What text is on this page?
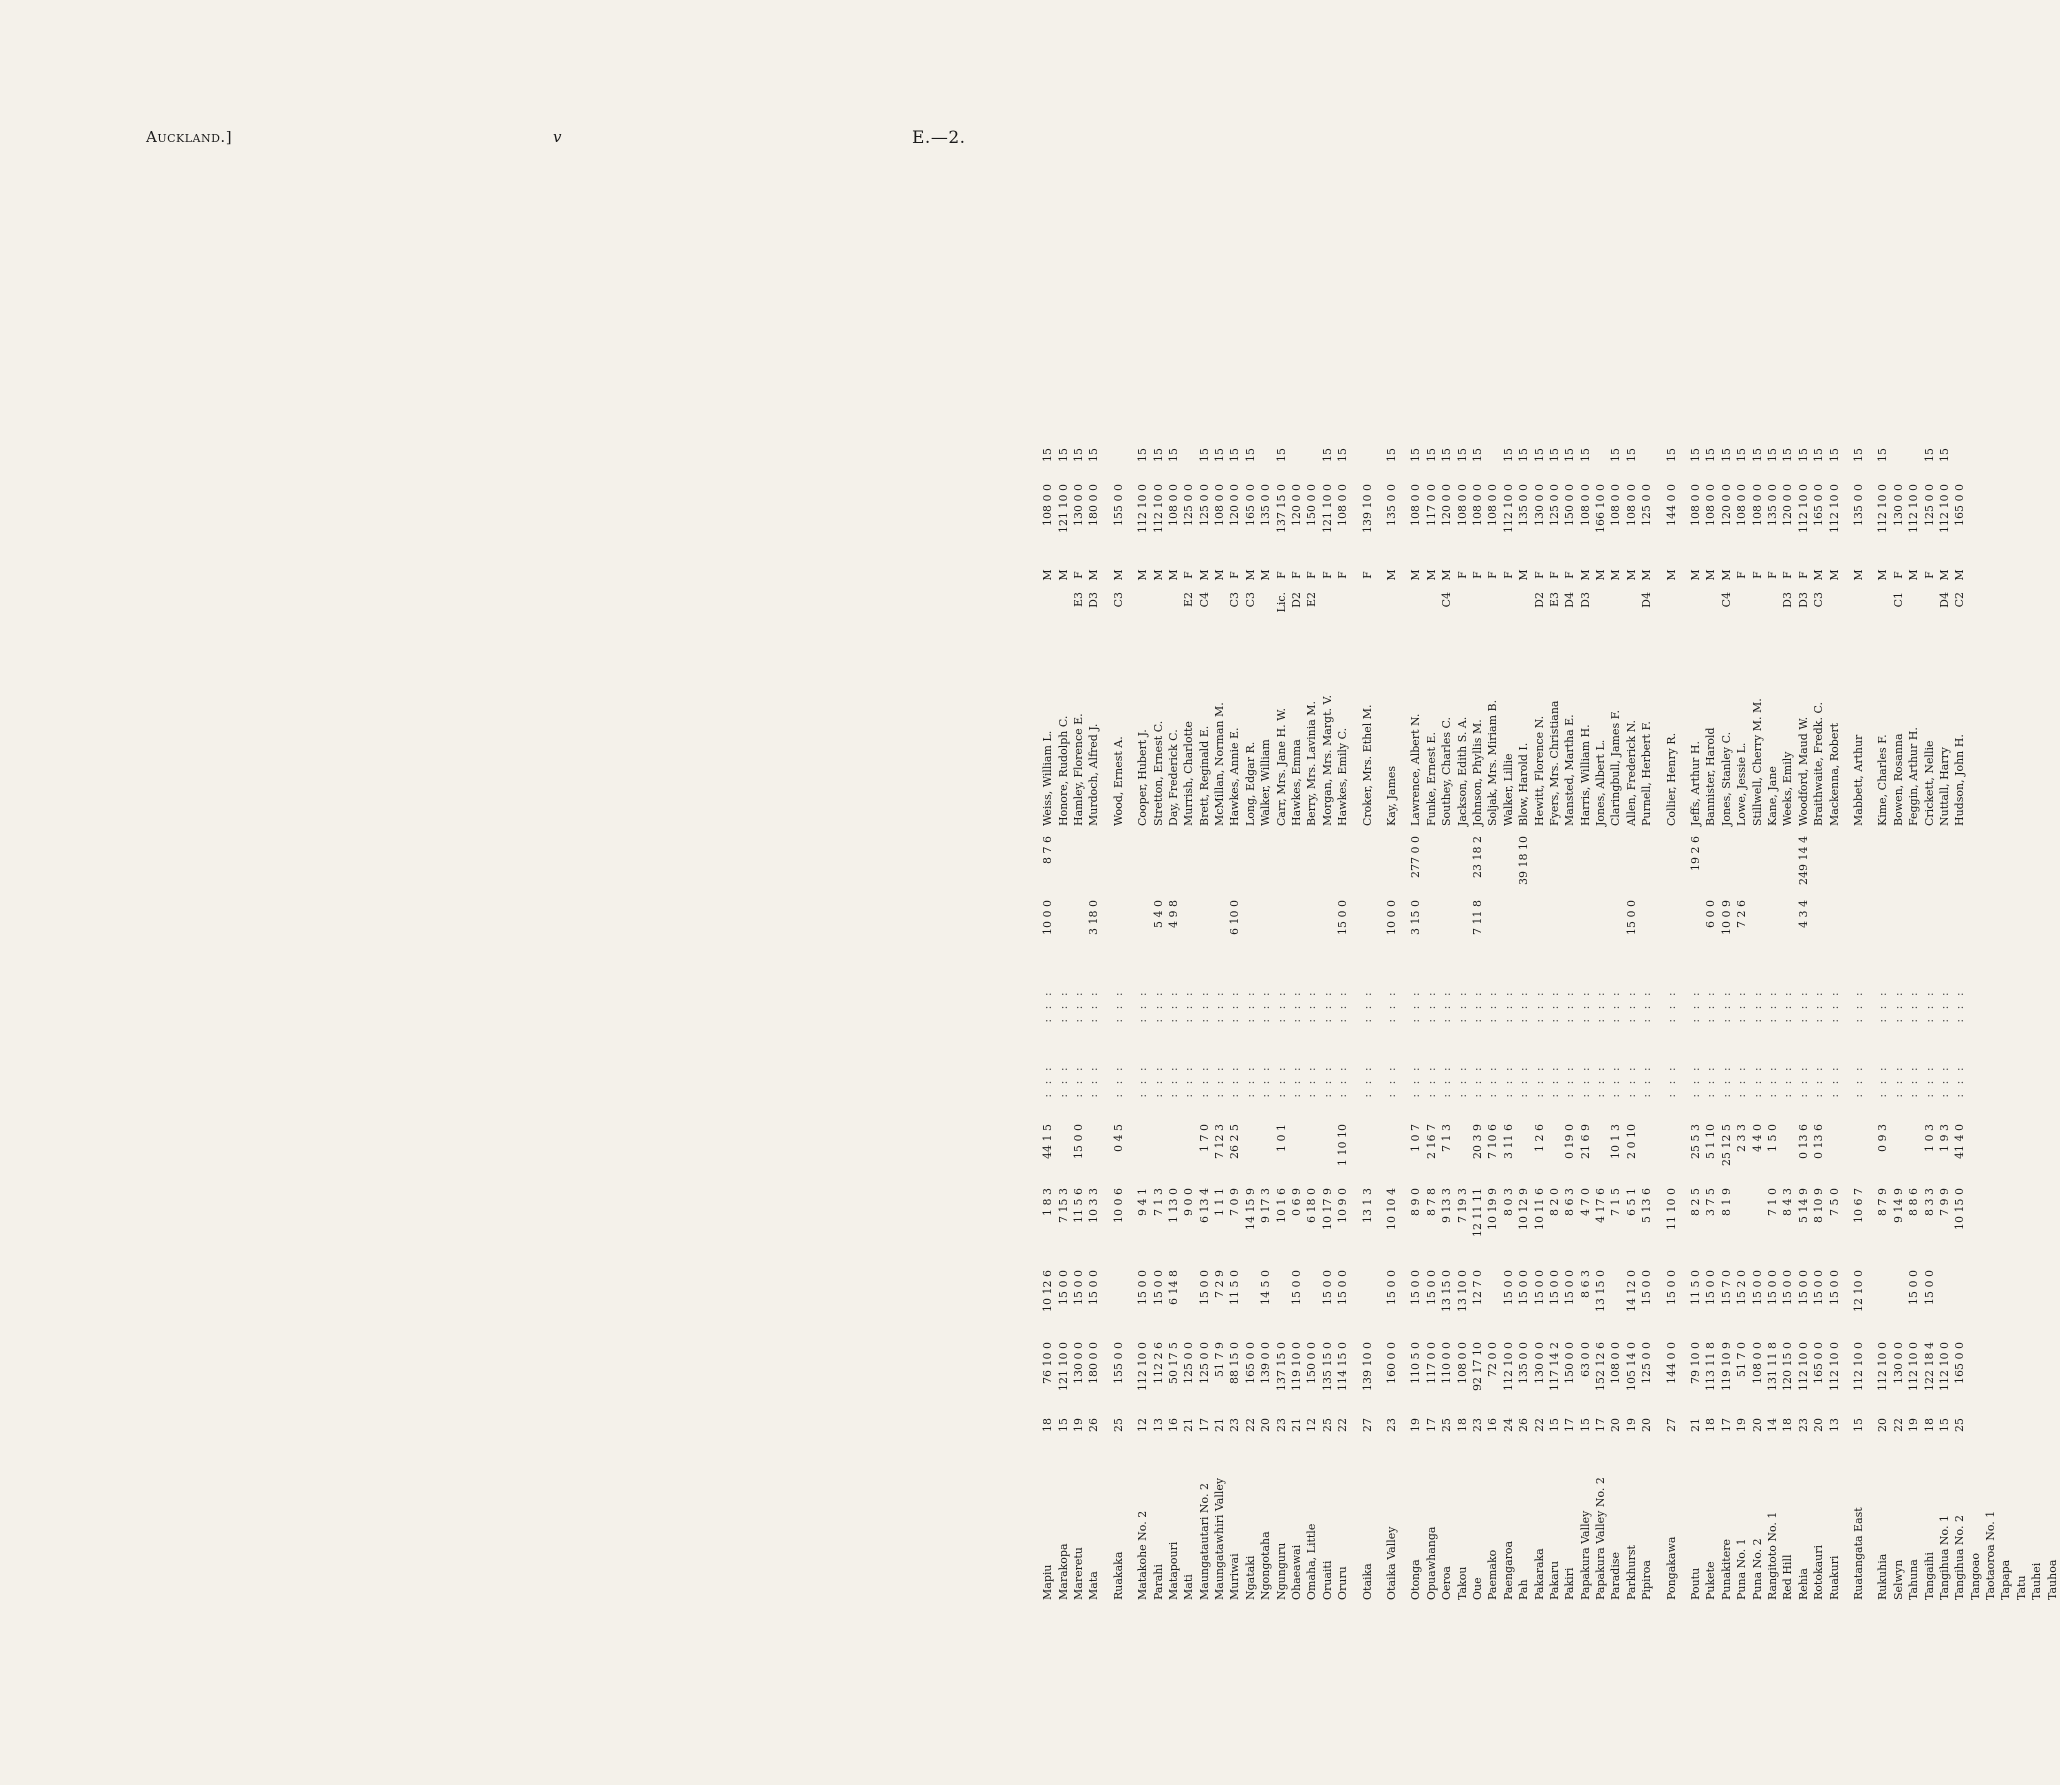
Auckland.]	v	E.—2.
Mapiu
18
76 10 0
10 12 6
1 8 3
44 1 5
: : :
: : :
10 0 0
8 7 6
Weiss, William L.
M
108 0 0
15
Marakopa
15
121 10 0
15 0 0
7 15 3
: : :
: : :
Honore, Rudolph C.
M
121 10 0
15
Mareretu
19
130 0 0
15 0 0
11 5 6
15 0 0
: : :
: : :
Hamley, Florence E.
E3
F
130 0 0
15
Mata
26
180 0 0
15 0 0
10 3 3
: : :
: : :
3 18 0
Murdoch, Alfred J.
D3
M
180 0 0
15
Ruakaka
25
155 0 0
10 0 6
0 4 5
: : :
: : :
Wood, Ernest A.
C3
M
155 0 0
Matakohe No. 2
12
112 10 0
15 0 0
9 4 1
: : :
: : :
Cooper, Hubert J.
M
112 10 0
15
Parahi
13
112 2 6
15 0 0
7 1 3
: : :
: : :
5 4 0
Stretton, Ernest C.
M
112 10 0
15
Matapouri
16
50 17 5
6 14 8
1 13 0
: : :
: : :
4 9 8
Day, Frederick C.
M
108 0 0
15
Mati
21
125 0 0
9 0 0
: : :
: : :
Murrish, Charlotte
E2
F
125 0 0
Maungatautari No. 2
17
125 0 0
15 0 0
6 13 4
1 7 0
: : :
: : :
Brett, Reginald E.
C4
M
125 0 0
15
Maungatawhiri Valley
21
51 7 9
7 2 9
1 1 1
7 12 3
: : :
: : :
McMillan, Norman M.
M
108 0 0
15
Muriwai
23
88 15 0
11 5 0
7 0 9
26 2 5
: : :
: : :
6 10 0
Hawkes, Annie E.
C3
F
120 0 0
15
Ngataki
22
165 0 0
14 15 9
: : :
: : :
Long, Edgar R.
C3
M
165 0 0
15
Ngongotaha
20
139 0 0
14 5 0
9 17 3
: : :
: : :
Walker, William
M
135 0 0
Ngunguru
23
137 15 0
10 1 6
1 0 1
: : :
: : :
Carr, Mrs. Jane H. W.
Lic.
F
137 15 0
15
Ohaeawai
21
119 10 0
15 0 0
0 6 9
: : :
: : :
Hawkes, Emma
D2
F
120 0 0
Omaha, Little
12
150 0 0
6 18 0
: : :
: : :
Berry, Mrs. Lavinia M.
E2
F
150 0 0
Oruaiti
25
135 15 0
15 0 0
10 17 9
: : :
: : :
Morgan, Mrs. Margt. V.
F
121 10 0
15
Oruru
22
114 15 0
15 0 0
10 9 0
1 10 10
: : :
: : :
15 0 0
Hawkes, Emily C.
F
108 0 0
15
Otaika
27
139 10 0
13 1 3
: : :
: : :
Croker, Mrs. Ethel M.
F
139 10 0
Otaika Valley
23
160 0 0
15 0 0
10 10 4
: : :
: : :
10 0 0
Kay, James
M
135 0 0
15
Otonga
19
110 5 0
15 0 0
8 9 0
1 0 7
: : :
: : :
3 15 0
277 0 0
Lawrence, Albert N.
M
108 0 0
15
Opuawhanga
17
117 0 0
15 0 0
8 7 8
2 16 7
: : :
: : :
Funke, Ernest E.
M
117 0 0
15
Oeroa
25
110 0 0
13 15 0
9 13 3
7 1 3
: : :
: : :
Southey, Charles C.
C4
M
120 0 0
15
Takou
18
108 0 0
13 10 0
7 19 3
: : :
: : :
Jackson, Edith S. A.
F
108 0 0
15
Oue
23
92 17 10
12 7 0
12 11 11
20 3 9
: : :
: : :
7 11 8
23 18 2
Johnson, Phyllis M.
F
108 0 0
15
Paemako
16
72 0 0
10 19 9
7 10 6
: : :
: : :
Soljak, Mrs. Miriam B.
F
108 0 0
Paengaroa
24
112 10 0
15 0 0
8 0 3
3 11 6
: : :
: : :
Walker, Lillie
F
112 10 0
15
Pah
26
135 0 0
15 0 0
10 12 9
: : :
: : :
39 18 10
Blow, Harold I.
M
135 0 0
15
Pakaraka
22
130 0 0
15 0 0
10 11 6
1 2 6
: : :
: : :
Hewitt, Florence N.
D2
F
130 0 0
15
Pakaru
15
117 14 2
15 0 0
8 2 0
: : :
: : :
Fyers, Mrs. Christiana
E3
F
125 0 0
15
Pakiri
17
150 0 0
15 0 0
8 6 3
0 19 0
: : :
: : :
Mansted, Martha E.
D4
F
150 0 0
15
Papakura Valley
15
63 0 0
8 6 3
4 7 0
21 6 9
: : :
: : :
Harris, William H.
D3
M
108 0 0
15
Papakura Valley No. 2
17
152 12 6
13 15 0
4 17 6
: : :
: : :
Jones, Albert L.
M
166 10 0
Paradise
20
108 0 0
7 1 5
10 1 3
: : :
: : :
Claringbull, James F.
M
108 0 0
15
Parkhurst
19
105 14 0
14 12 0
6 5 1
2 0 10
: : :
: : :
15 0 0
Allen, Frederick N.
M
108 0 0
15
Pipiroa
20
125 0 0
15 0 0
5 13 6
: : :
: : :
Purnell, Herbert F.
D4
M
125 0 0
Pongakawa
27
144 0 0
15 0 0
11 10 0
: : :
: : :
Collier, Henry R.
M
144 0 0
15
Poutu
21
79 10 0
11 5 0
8 2 5
25 5 3
: : :
: : :
19 2 6
Jeffs, Arthur H.
M
108 0 0
15
Pukete
18
113 11 8
15 0 0
3 7 5
5 1 10
: : :
: : :
6 0 0
Bannister, Harold
M
108 0 0
15
Punakitere
17
119 10 9
15 7 0
8 1 9
25 12 5
: : :
: : :
10 0 9
Jones, Stanley C.
C4
M
120 0 0
15
Puna No. 1
19
51 7 0
15 2 0
2 3 3
: : :
: : :
7 2 6
Lowe, Jessie L.
F
108 0 0
15
Puna No. 2
20
108 0 0
15 0 0
4 4 0
: : :
: : :
Stillwell, Cherry M. M.
F
108 0 0
15
Rangitoto No. 1
14
131 11 8
15 0 0
7 1 0
1 5 0
: : :
: : :
Kane, Jane
F
135 0 0
15
Red Hill
18
120 15 0
15 0 0
8 4 3
: : :
: : :
Weeks, Emily
D3
F
120 0 0
15
Rehia
23
112 10 0
15 0 0
5 14 9
0 13 6
: : :
: : :
4 3 4
249 14 4
Woodford, Maud W.
D3
F
112 10 0
15
Rotokauri
20
165 0 0
15 0 0
8 10 9
0 13 6
: : :
: : :
Braithwaite, Fredk. C.
C3
M
165 0 0
15
Ruakuri
13
112 10 0
15 0 0
7 5 0
: : :
: : :
Mackenna, Robert
M
112 10 0
15
Ruatangata East
15
112 10 0
12 10 0
10 6 7
: : :
: : :
Mabbett, Arthur
M
135 0 0
15
Rukuhia
20
112 10 0
8 7 9
0 9 3
: : :
: : :
Kime, Charles F.
M
112 10 0
15
Selwyn
22
130 0 0
9 14 9
: : :
: : :
Bowen, Rosanna
C1
F
130 0 0
Tahuna
19
112 10 0
15 0 0
8 8 6
: : :
: : :
Feggin, Arthur H.
M
112 10 0
Tangaihi
18
122 18 4
15 0 0
8 3 3
1 0 3
: : :
: : :
Crickett, Nellie
F
125 0 0
15
Tangihua No. 1
15
112 10 0
7 9 9
1 9 3
: : :
: : :
Nuttall, Harry
D4
M
112 10 0
15
Tangihua No. 2
25
165 0 0
10 15 0
41 4 0
: : :
: : :
Hudson, John H.
C2
M
165 0 0
Tangoao Taotaoroa No. 1 Tapapa Tatu Tauhei Tauhoa
